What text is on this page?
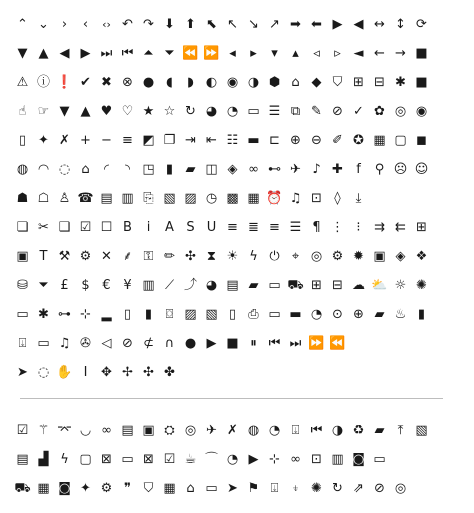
⌃ ⌄ ›	‹	‹› ↶ ↷ ⬇ ⬆ ⬉ ↖ ↘ ↗ ➡ ⬅ ▶ ◀ ↔ ↕ ⟳
▼ ▲ ◀ ▶ ⏭ ⏮ ⏶ ⏷ ⏪ ⏩ ◂	▸	▾	▴	◃	▹ ◄ ← → ■
⚠ ⓘ ❗ ✔ ✖ ⊗ ● ◖	◗ ◐ ◉ ◑ ⬢ ⌂ ◆ ⛉ ⊞ ⊟ ✱ ■
☝ ☞ ▼ ▲ ♥ ♡ ★ ☆ ↻ ◕ ◔ ▭ ☰ ⧉ ✎ ⊘ ✓ ✿ ◎ ◉
▯ ✦ ✗ + − ≡ ◩ ❐ ⇥ ⇤ ☷ ▬ ⊏ ⊕ ⊖ ✐ ✪ ▦ ▢ ◼
◍ ◠ ◌ ⌂	◜	◝ ◳ ▮ ▰ ◫ ◈ ∞ ⊷ ✈ ♪ ✚	f	⚲ ☹ ☺
☗ ☖ ♙ ☎ ▤ ▥ ⎘ ▧ ▨ ◷ ▩ ▦ ⏰ ♫ ⊡ ◊	⤓
❏ ✂ ❑ ☑ ☐ B	i	A S U ≡ ≣ ≡ ☰ ¶ ⋮ ⁝	⇉ ⇇ ⊞
▣ T ⚒ ⚙ ✕ ⸙ ⚿ ✏ ✣ ⧗ ☀ ϟ ⏻ ⌖ ◎ ⚙ ✹ ▣ ◈ ❖
⛁ ⏷ £ $ € ¥ ▥ ⟋ ⤴ ◕ ▤ ▰ ▭ ⛟ ⊞ ⊟ ☁ ⛅ ☼ ✺
▭ ✱ ⊶ ⊹ ▂ ▯	▮	⌼ ▨ ▧ ▯ ⎙ ▭ ▬ ◔ ⊙ ⊕ ▰ ♨ ▮
⍗ ▭ ♫ ✇ ◁ ⊘ ⊄ ∩ ● ▶ ■ ⏸ ⏮ ⏭ ⏩ ⏪
➤ ◌ ✋ I	✥ ✢ ✣ ✤
☑ ⚚ ⌤ ◡ ∞ ▤ ▣ ⛭ ◎ ✈ ✗ ◍ ◔ ⍗ ⏮ ◑ ♻ ▰	⤒ ▧
▤ ▟ ϟ ▢ ⊠ ▭ ⊠ ☑ ☕ ⌒ ◔ ▶ ⊹ ∞ ⊡ ▥ ◙ ▭
⛟ ▦ ◙ ✦ ⚙ ❞ ⛉ ▦ ⌂ ▭ ➤ ⚑ ⍗	⍖ ✺ ↻ ⇗ ⊘ ◎
